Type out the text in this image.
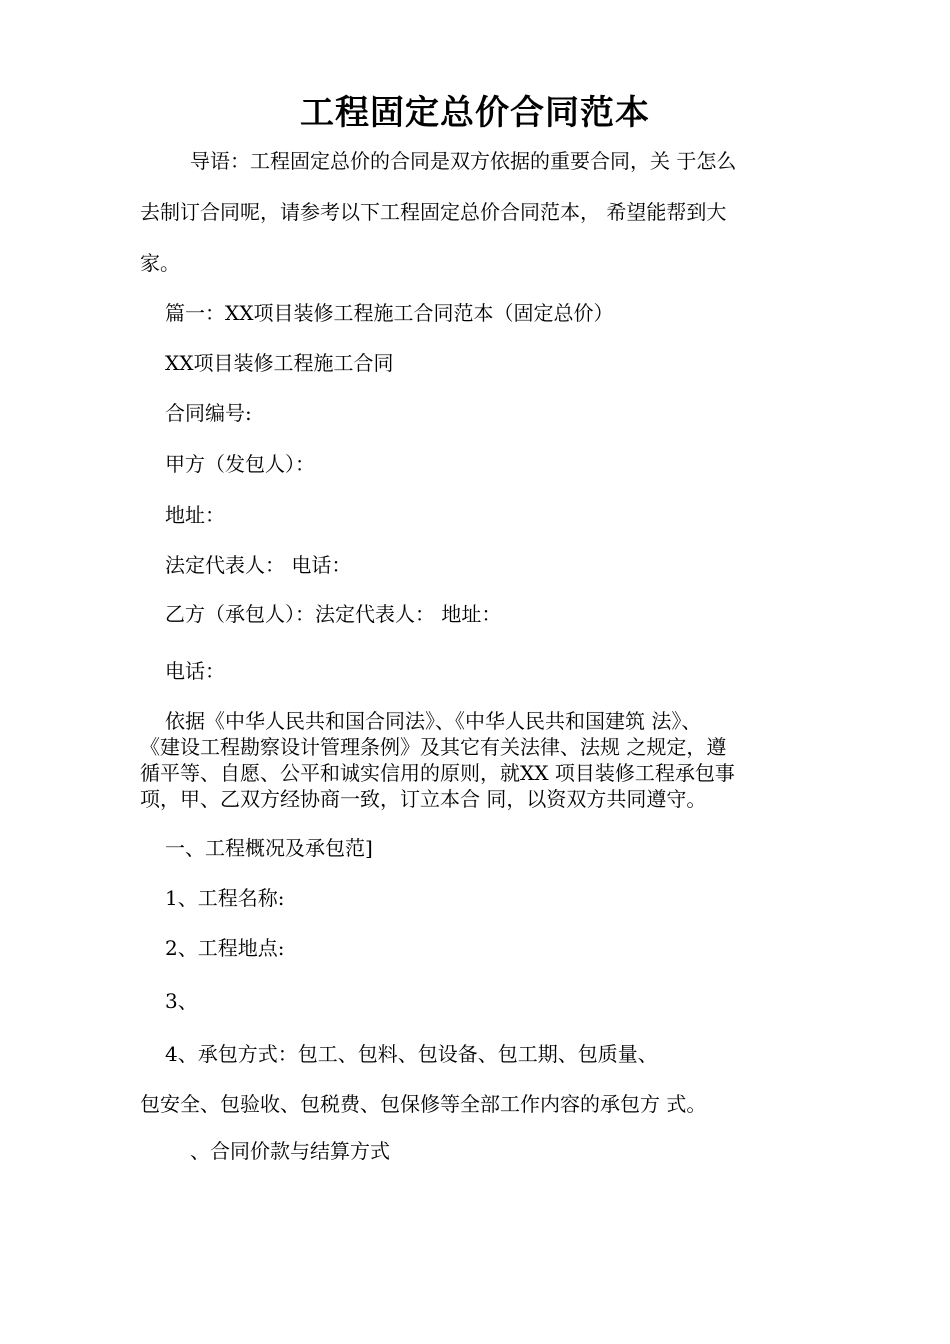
工程固定总价合同范本

导语：工程固定总价的合同是双方依据的重要合同，关 于怎么

去制订合同呢，请参考以下工程固定总价合同范本， 希望能帮到大

家。

篇一：XX项目装修工程施工合同范本（固定总价）

XX项目装修工程施工合同

合同编号:

甲方（发包人）：

地址：

法定代表人： 电话：

乙方（承包人）：法定代表人： 地址：

电话：

依据《中华人民共和国合同法》、《中华人民共和国建筑 法》、
《建设工程勘察设计管理条例》及其它有关法律、法规 之规定，遵
循平等、自愿、公平和诚实信用的原则，就XX 项目装修工程承包事
项，甲、乙双方经协商一致，订立本合 同，以资双方共同遵守。

一、工程概况及承包范]

1、工程名称:

2、工程地点:

3、

4、承包方式：包工、包料、包设备、包工期、包质量、

包安全、包验收、包税费、包保修等全部工作内容的承包方 式。

、合同价款与结算方式
